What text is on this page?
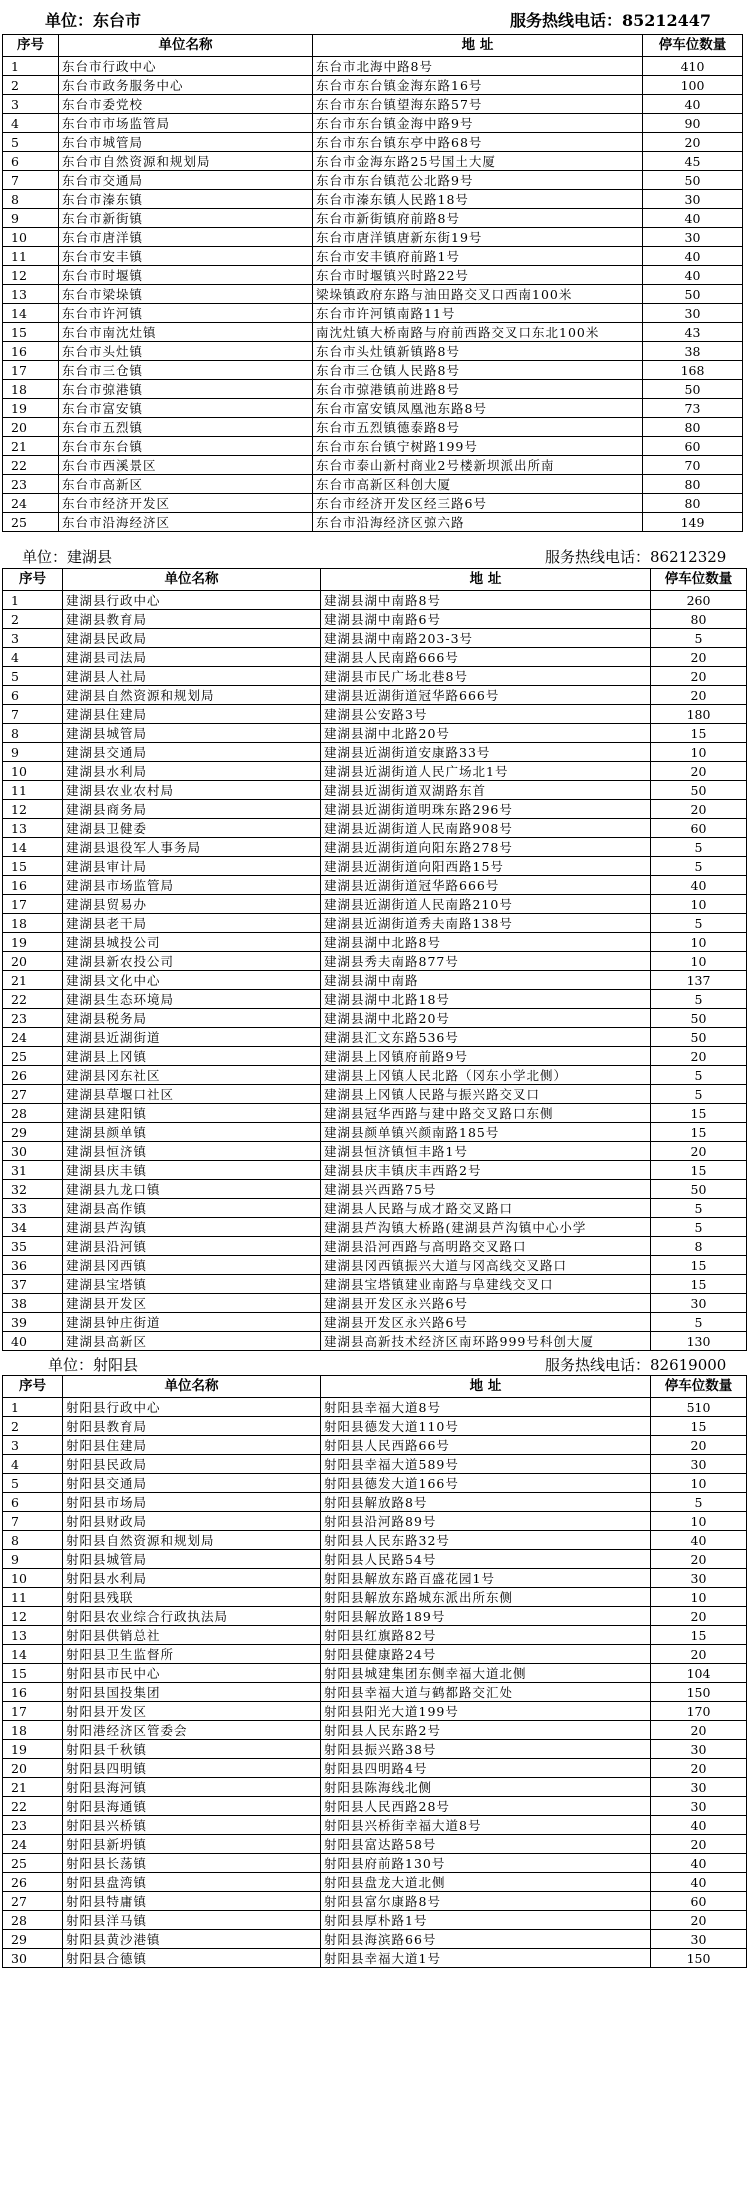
单位：东台市	服务热线电话：85212447
序号	单位名称	地 址	停车位数量
1	东台市行政中心	东台市北海中路8号	410
2	东台市政务服务中心	东台市东台镇金海东路16号	100
3	东台市委党校	东台市东台镇望海东路57号	40
4	东台市市场监管局	东台市东台镇金海中路9号	90
5	东台市城管局	东台市东台镇东亭中路68号	20
6	东台市自然资源和规划局	东台市金海东路25号国土大厦	45
7	东台市交通局	东台市东台镇范公北路9号	50
8	东台市溱东镇	东台市溱东镇人民路18号	30
9	东台市新街镇	东台市新街镇府前路8号	40
10	东台市唐洋镇	东台市唐洋镇唐新东街19号	30
11	东台市安丰镇	东台市安丰镇府前路1号	40
12	东台市时堰镇	东台市时堰镇兴时路22号	40
13	东台市梁垛镇	梁垛镇政府东路与油田路交叉口西南100米	50
14	东台市许河镇	东台市许河镇南路11号	30
15	东台市南沈灶镇	南沈灶镇大桥南路与府前西路交叉口东北100米	43
16	东台市头灶镇	东台市头灶镇新镇路8号	38
17	东台市三仓镇	东台市三仓镇人民路8号	168
18	东台市弶港镇	东台市弶港镇前进路8号	50
19	东台市富安镇	东台市富安镇凤凰池东路8号	73
20	东台市五烈镇	东台市五烈镇德泰路8号	80
21	东台市东台镇	东台市东台镇宁树路199号	60
22	东台市西溪景区	东台市泰山新村商业2号楼新坝派出所南	70
23	东台市高新区	东台市高新区科创大厦	80
24	东台市经济开发区	东台市经济开发区经三路6号	80
25	东台市沿海经济区	东台市沿海经济区弶六路	149
单位：建湖县	服务热线电话：86212329
序号	单位名称	地 址	停车位数量
1	建湖县行政中心	建湖县湖中南路8号	260
2	建湖县教育局	建湖县湖中南路6号	80
3	建湖县民政局	建湖县湖中南路203-3号	5
4	建湖县司法局	建湖县人民南路666号	20
5	建湖县人社局	建湖县市民广场北巷8号	20
6	建湖县自然资源和规划局	建湖县近湖街道冠华路666号	20
7	建湖县住建局	建湖县公安路3号	180
8	建湖县城管局	建湖县湖中北路20号	15
9	建湖县交通局	建湖县近湖街道安康路33号	10
10	建湖县水利局	建湖县近湖街道人民广场北1号	20
11	建湖县农业农村局	建湖县近湖街道双湖路东首	50
12	建湖县商务局	建湖县近湖街道明珠东路296号	20
13	建湖县卫健委	建湖县近湖街道人民南路908号	60
14	建湖县退役军人事务局	建湖县近湖街道向阳东路278号	5
15	建湖县审计局	建湖县近湖街道向阳西路15号	5
16	建湖县市场监管局	建湖县近湖街道冠华路666号	40
17	建湖县贸易办	建湖县近湖街道人民南路210号	10
18	建湖县老干局	建湖县近湖街道秀夫南路138号	5
19	建湖县城投公司	建湖县湖中北路8号	10
20	建湖县新农投公司	建湖县秀夫南路877号	10
21	建湖县文化中心	建湖县湖中南路	137
22	建湖县生态环境局	建湖县湖中北路18号	5
23	建湖县税务局	建湖县湖中北路20号	50
24	建湖县近湖街道	建湖县汇文东路536号	50
25	建湖县上冈镇	建湖县上冈镇府前路9号	20
26	建湖县冈东社区	建湖县上冈镇人民北路（冈东小学北侧）	5
27	建湖县草堰口社区	建湖县上冈镇人民路与振兴路交叉口	5
28	建湖县建阳镇	建湖县冠华西路与建中路交叉路口东侧	15
29	建湖县颜单镇	建湖县颜单镇兴颜南路185号	15
30	建湖县恒济镇	建湖县恒济镇恒丰路1号	20
31	建湖县庆丰镇	建湖县庆丰镇庆丰西路2号	15
32	建湖县九龙口镇	建湖县兴西路75号	50
33	建湖县高作镇	建湖县人民路与成才路交叉路口	5
34	建湖县芦沟镇	建湖县芦沟镇大桥路(建湖县芦沟镇中心小学	5
35	建湖县沿河镇	建湖县沿河西路与高明路交叉路口	8
36	建湖县冈西镇	建湖县冈西镇振兴大道与冈高线交叉路口	15
37	建湖县宝塔镇	建湖县宝塔镇建业南路与阜建线交叉口	15
38	建湖县开发区	建湖县开发区永兴路6号	30
39	建湖县钟庄街道	建湖县开发区永兴路6号	5
40	建湖县高新区	建湖县高新技术经济区南环路999号科创大厦	130
单位：射阳县	服务热线电话：82619000
序号	单位名称	地 址	停车位数量
1	射阳县行政中心	射阳县幸福大道8号	510
2	射阳县教育局	射阳县德发大道110号	15
3	射阳县住建局	射阳县人民西路66号	20
4	射阳县民政局	射阳县幸福大道589号	30
5	射阳县交通局	射阳县德发大道166号	10
6	射阳县市场局	射阳县解放路8号	5
7	射阳县财政局	射阳县沿河路89号	10
8	射阳县自然资源和规划局	射阳县人民东路32号	40
9	射阳县城管局	射阳县人民路54号	20
10	射阳县水利局	射阳县解放东路百盛花园1号	30
11	射阳县残联	射阳县解放东路城东派出所东侧	10
12	射阳县农业综合行政执法局	射阳县解放路189号	20
13	射阳县供销总社	射阳县红旗路82号	15
14	射阳县卫生监督所	射阳县健康路24号	20
15	射阳县市民中心	射阳县城建集团东侧幸福大道北侧	104
16	射阳县国投集团	射阳县幸福大道与鹤都路交汇处	150
17	射阳县开发区	射阳县阳光大道199号	170
18	射阳港经济区管委会	射阳县人民东路2号	20
19	射阳县千秋镇	射阳县振兴路38号	30
20	射阳县四明镇	射阳县四明路4号	20
21	射阳县海河镇	射阳县陈海线北侧	30
22	射阳县海通镇	射阳县人民西路28号	30
23	射阳县兴桥镇	射阳县兴桥街幸福大道8号	40
24	射阳县新坍镇	射阳县富达路58号	20
25	射阳县长荡镇	射阳县府前路130号	40
26	射阳县盘湾镇	射阳县盘龙大道北侧	40
27	射阳县特庸镇	射阳县富尔康路8号	60
28	射阳县洋马镇	射阳县厚朴路1号	20
29	射阳县黄沙港镇	射阳县海滨路66号	30
30	射阳县合德镇	射阳县幸福大道1号	150
